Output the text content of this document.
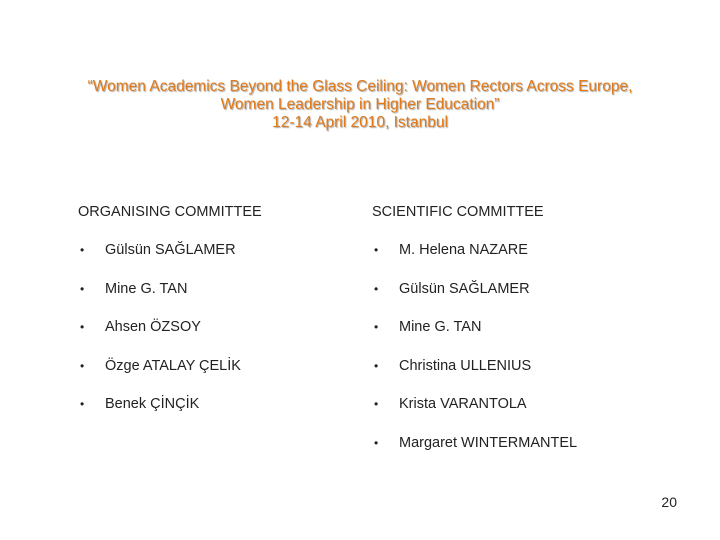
“Women Academics Beyond the Glass Ceiling: Women Rectors Across Europe,
Women Leadership in Higher Education”
12-14 April 2010, Istanbul
ORGANISING COMMITTEE
•	Gülsün SAĞLAMER
•	Mine G. TAN
•	Ahsen ÖZSOY
•	Özge ATALAY ÇELİK
•	Benek ÇİNÇİK
SCIENTIFIC COMMITTEE
•	M. Helena NAZARE
•	Gülsün SAĞLAMER
•	Mine G. TAN
•	Christina ULLENIUS
•	Krista VARANTOLA
•	Margaret WINTERMANTEL
20
